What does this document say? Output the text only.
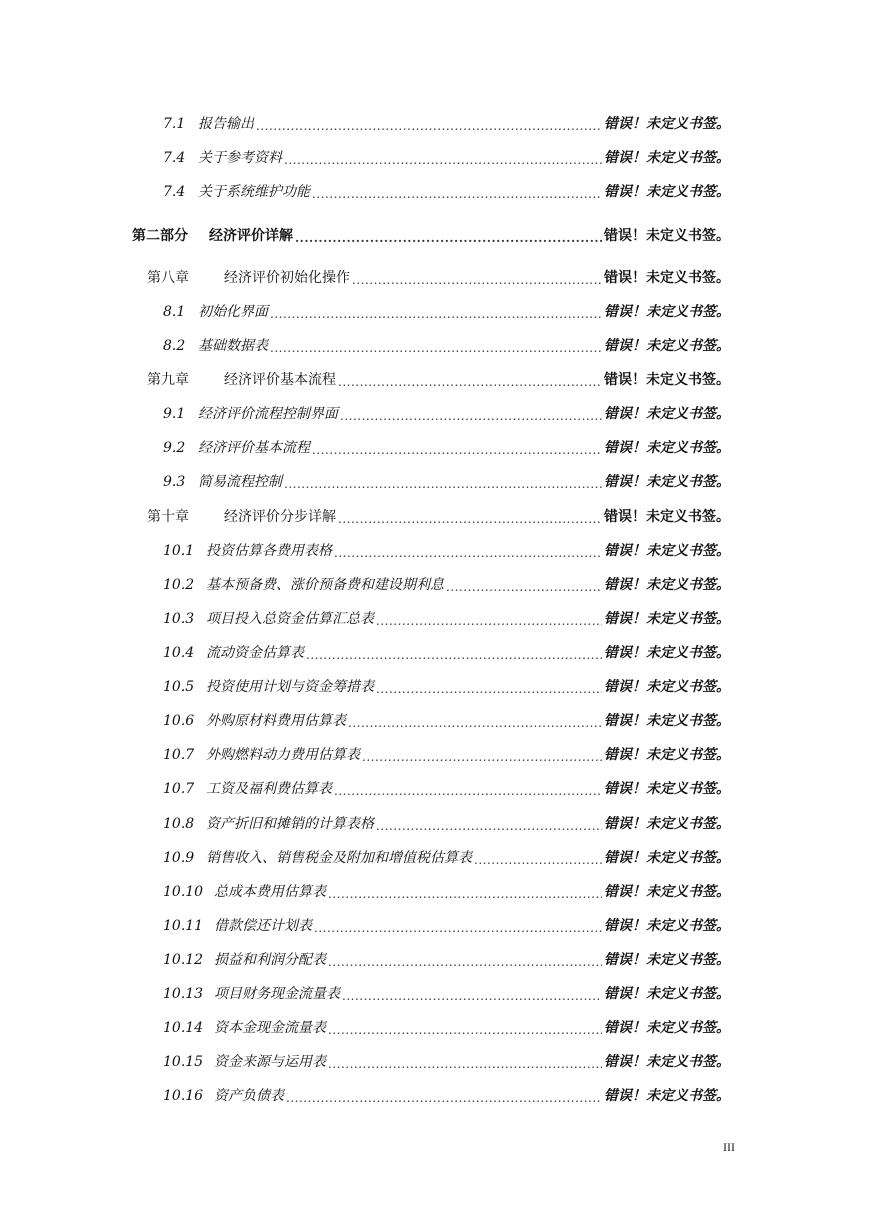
7.1 报告输出 .....	错误！未定义书签。
7.4 关于参考资料 .....	错误！未定义书签。
7.4 关于系统维护功能 .....	错误！未定义书签。
第二部分	经济评价详解 .....	错误！未定义书签。
第八章	经济评价初始化操作 .....	错误！未定义书签。
8.1 初始化界面 .....	错误！未定义书签。
8.2 基础数据表 .....	错误！未定义书签。
第九章	经济评价基本流程 .....	错误！未定义书签。
9.1 经济评价流程控制界面 .....	错误！未定义书签。
9.2 经济评价基本流程 .....	错误！未定义书签。
9.3 简易流程控制 .....	错误！未定义书签。
第十章	经济评价分步详解 .....	错误！未定义书签。
10.1 投资估算各费用表格 .....	错误！未定义书签。
10.2 基本预备费、涨价预备费和建设期利息 .....	错误！未定义书签。
10.3 项目投入总资金估算汇总表 .....	错误！未定义书签。
10.4 流动资金估算表 .....	错误！未定义书签。
10.5 投资使用计划与资金筹措表 .....	错误！未定义书签。
10.6 外购原材料费用估算表 .....	错误！未定义书签。
10.7 外购燃料动力费用估算表 .....	错误！未定义书签。
10.7 工资及福利费估算表 .....	错误！未定义书签。
10.8 资产折旧和摊销的计算表格 .....	错误！未定义书签。
10.9 销售收入、销售税金及附加和增值税估算表 .....	错误！未定义书签。
10.10 总成本费用估算表 .....	错误！未定义书签。
10.11 借款偿还计划表 .....	错误！未定义书签。
10.12 损益和利润分配表 .....	错误！未定义书签。
10.13 项目财务现金流量表 .....	错误！未定义书签。
10.14 资本金现金流量表 .....	错误！未定义书签。
10.15 资金来源与运用表 .....	错误！未定义书签。
10.16 资产负债表 .....	错误！未定义书签。
III
